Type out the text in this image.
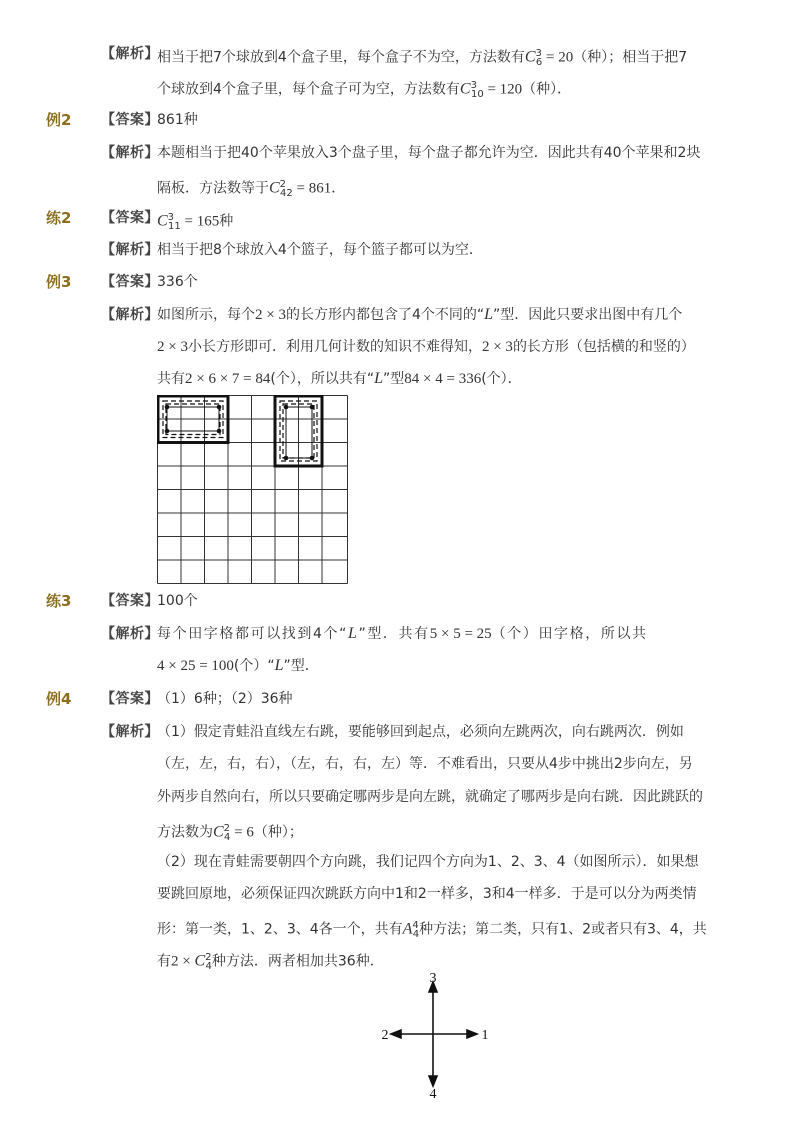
【解析】
相当于把7个球放到4个盒子里，每个盒子不为空，方法数有$C^3_6 = 20$（种）；相当于把7
个球放到4个盒子里，每个盒子可为空，方法数有$C^3_{10} = 120$（种）．
例2 【答案】
861种
【解析】
本题相当于把40个苹果放入3个盘子里，每个盘子都允许为空．因此共有40个苹果和2块
隔板．方法数等于$C^2_{42} = 861$．
练2 【答案】
$C^3_{11} = 165$种
【解析】
相当于把8个球放入4个篮子，每个篮子都可以为空．
例3 【答案】
336个
【解析】
如图所示，每个2 × 3的长方形内都包含了4个不同的“L”型．因此只要求出图中有几个
2 × 3小长方形即可．利用几何计数的知识不难得知，2 × 3的长方形（包括横的和竖的）
共有2 × 6 × 7 = 84(个），所以共有“L”型84 × 4 = 336(个）．
练3 【答案】
100个
【解析】
每个田字格都可以找到4个“L”型．共有5 × 5 = 25（个）田字格，所以共
4 × 25 = 100(个）“L”型．
例4 【答案】
（1）6种；（2）36种
【解析】
（1）假定青蛙沿直线左右跳，要能够回到起点，必须向左跳两次，向右跳两次．例如
（左，左，右，右），（左，右，右，左）等．不难看出，只要从4步中挑出2步向左，另
外两步自然向右，所以只要确定哪两步是向左跳，就确定了哪两步是向右跳．因此跳跃的
方法数为$C^2_4 = 6$（种）；
（2）现在青蛙需要朝四个方向跳，我们记四个方向为1、2、3、4（如图所示）．如果想
要跳回原地，必须保证四次跳跃方向中1和2一样多，3和4一样多．于是可以分为两类情
形：第一类，1、2、3、4各一个，共有$A^4_4$种方法；第二类，只有1、2或者只有3、4，共
有$2 \times C^2_4$种方法．两者相加共36种．
3
2	1
4
